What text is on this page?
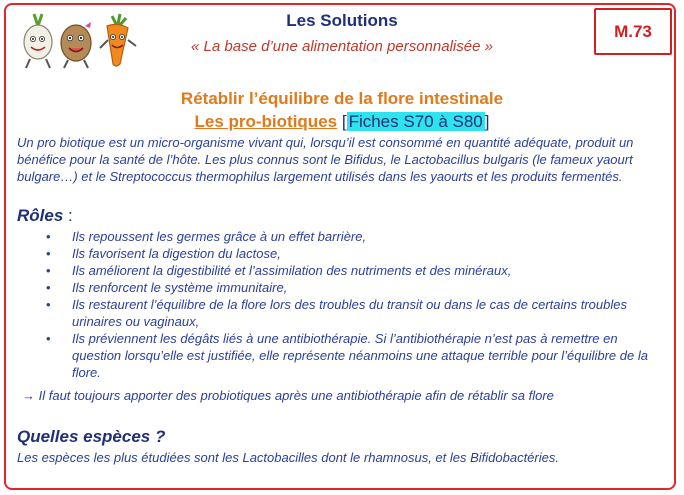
Les Solutions
« La base d’une alimentation personnalisée »
M.73
Rétablir l’équilibre de la flore intestinale
Les pro-biotiques [ Fiches S70 à S80 ]
Un pro biotique est un micro-organisme vivant qui, lorsqu’il est consommé en quantité adéquate, produit un bénéfice pour la santé de l’hôte. Les plus connus sont le Bifidus, le Lactobacillus bulgaris (le fameux yaourt bulgare…) et le Streptococcus thermophilus largement utilisés dans les yaourts et les produits fermentés.
Rôles :
• Ils repoussent les germes grâce à un effet barrière,
• Ils favorisent la digestion du lactose,
• Ils améliorent la digestibilité et l’assimilation des nutriments et des minéraux,
• Ils renforcent le système immunitaire,
• Ils restaurent l’équilibre de la flore lors des troubles du transit ou dans le cas de certains troubles urinaires ou vaginaux,
• Ils préviennent les dégâts liés à une antibiothérapie. Si l’antibiothérapie n’est pas à remettre en question lorsqu’elle est justifiée, elle représente néanmoins une attaque terrible pour l’équilibre de la flore.
→ Il faut toujours apporter des probiotiques après une antibiothérapie afin de rétablir sa flore
Quelles espèces ?
Les espèces les plus étudiées sont les Lactobacilles dont le rhamnosus, et les Bifidobactéries.
